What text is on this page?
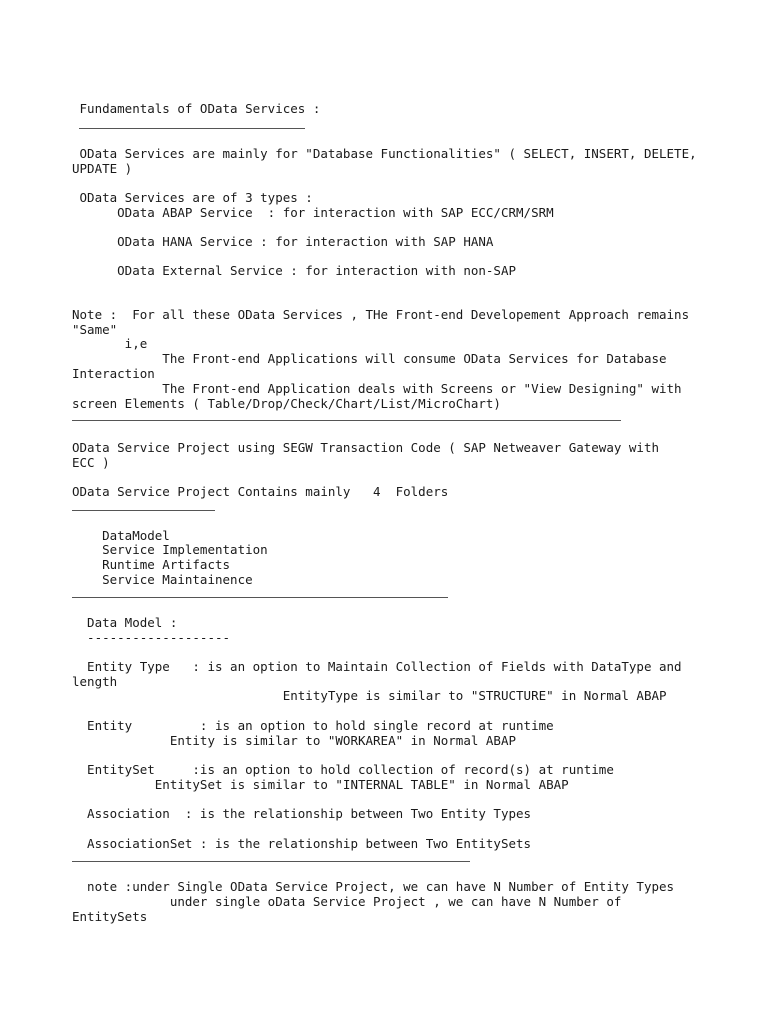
Fundamentals of OData Services :
OData Services are mainly for "Database Functionalities" ( SELECT, INSERT, DELETE,
UPDATE )
OData Services are of 3 types :
OData ABAP Service  : for interaction with SAP ECC/CRM/SRM
OData HANA Service : for interaction with SAP HANA
OData External Service : for interaction with non-SAP
Note :  For all these OData Services , THe Front-end Developement Approach remains
"Same"
i,e
The Front-end Applications will consume OData Services for Database
Interaction
The Front-end Application deals with Screens or "View Designing" with
screen Elements ( Table/Drop/Check/Chart/List/MicroChart)
OData Service Project using SEGW Transaction Code ( SAP Netweaver Gateway with
ECC )
OData Service Project Contains mainly   4  Folders
DataModel
Service Implementation
Runtime Artifacts
Service Maintainence
Data Model :
-------------------
Entity Type   : is an option to Maintain Collection of Fields with DataType and
length
EntityType is similar to "STRUCTURE" in Normal ABAP
Entity         : is an option to hold single record at runtime
Entity is similar to "WORKAREA" in Normal ABAP
EntitySet     :is an option to hold collection of record(s) at runtime
EntitySet is similar to "INTERNAL TABLE" in Normal ABAP
Association  : is the relationship between Two Entity Types
AssociationSet : is the relationship between Two EntitySets
note :under Single OData Service Project, we can have N Number of Entity Types
under single oData Service Project , we can have N Number of
EntitySets
